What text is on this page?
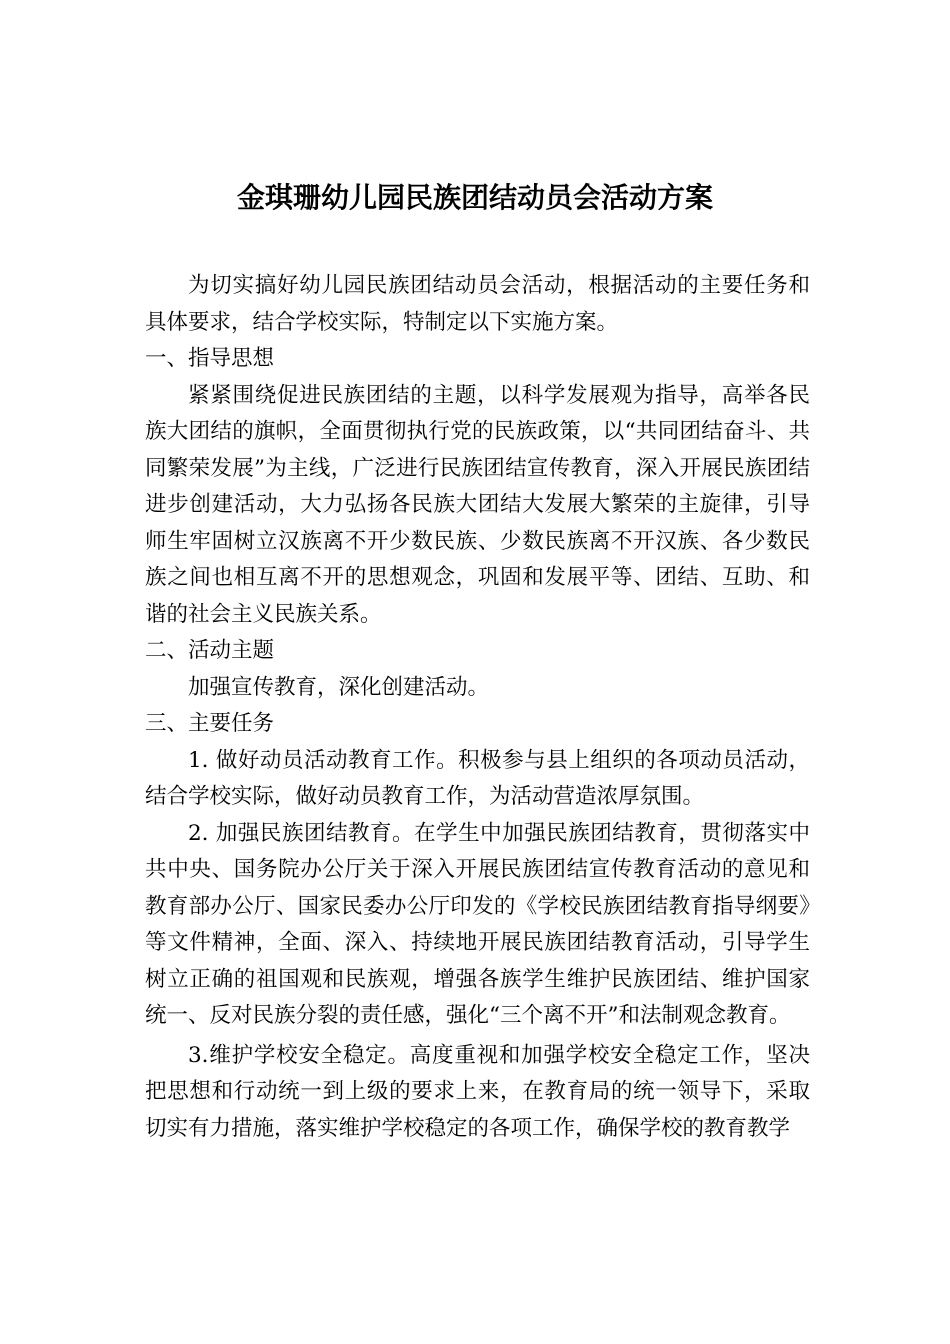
金琪珊幼儿园民族团结动员会活动方案

为切实搞好幼儿园民族团结动员会活动，根据活动的主要任务和具体要求，结合学校实际，特制定以下实施方案。

一、指导思想

紧紧围绕促进民族团结的主题，以科学发展观为指导，高举各民族大团结的旗帜，全面贯彻执行党的民族政策，以“共同团结奋斗、共同繁荣发展”为主线，广泛进行民族团结宣传教育，深入开展民族团结进步创建活动，大力弘扬各民族大团结大发展大繁荣的主旋律，引导师生牢固树立汉族离不开少数民族、少数民族离不开汉族、各少数民族之间也相互离不开的思想观念，巩固和发展平等、团结、互助、和谐的社会主义民族关系。

二、活动主题

加强宣传教育，深化创建活动。

三、主要任务

1. 做好动员活动教育工作。积极参与县上组织的各项动员活动，结合学校实际，做好动员教育工作，为活动营造浓厚氛围。

2. 加强民族团结教育。在学生中加强民族团结教育，贯彻落实中共中央、国务院办公厅关于深入开展民族团结宣传教育活动的意见和教育部办公厅、国家民委办公厅印发的《学校民族团结教育指导纲要》等文件精神，全面、深入、持续地开展民族团结教育活动，引导学生树立正确的祖国观和民族观，增强各族学生维护民族团结、维护国家统一、反对民族分裂的责任感，强化“三个离不开”和法制观念教育。

3.维护学校安全稳定。高度重视和加强学校安全稳定工作，坚决把思想和行动统一到上级的要求上来，在教育局的统一领导下，采取切实有力措施，落实维护学校稳定的各项工作，确保学校的教育教学
